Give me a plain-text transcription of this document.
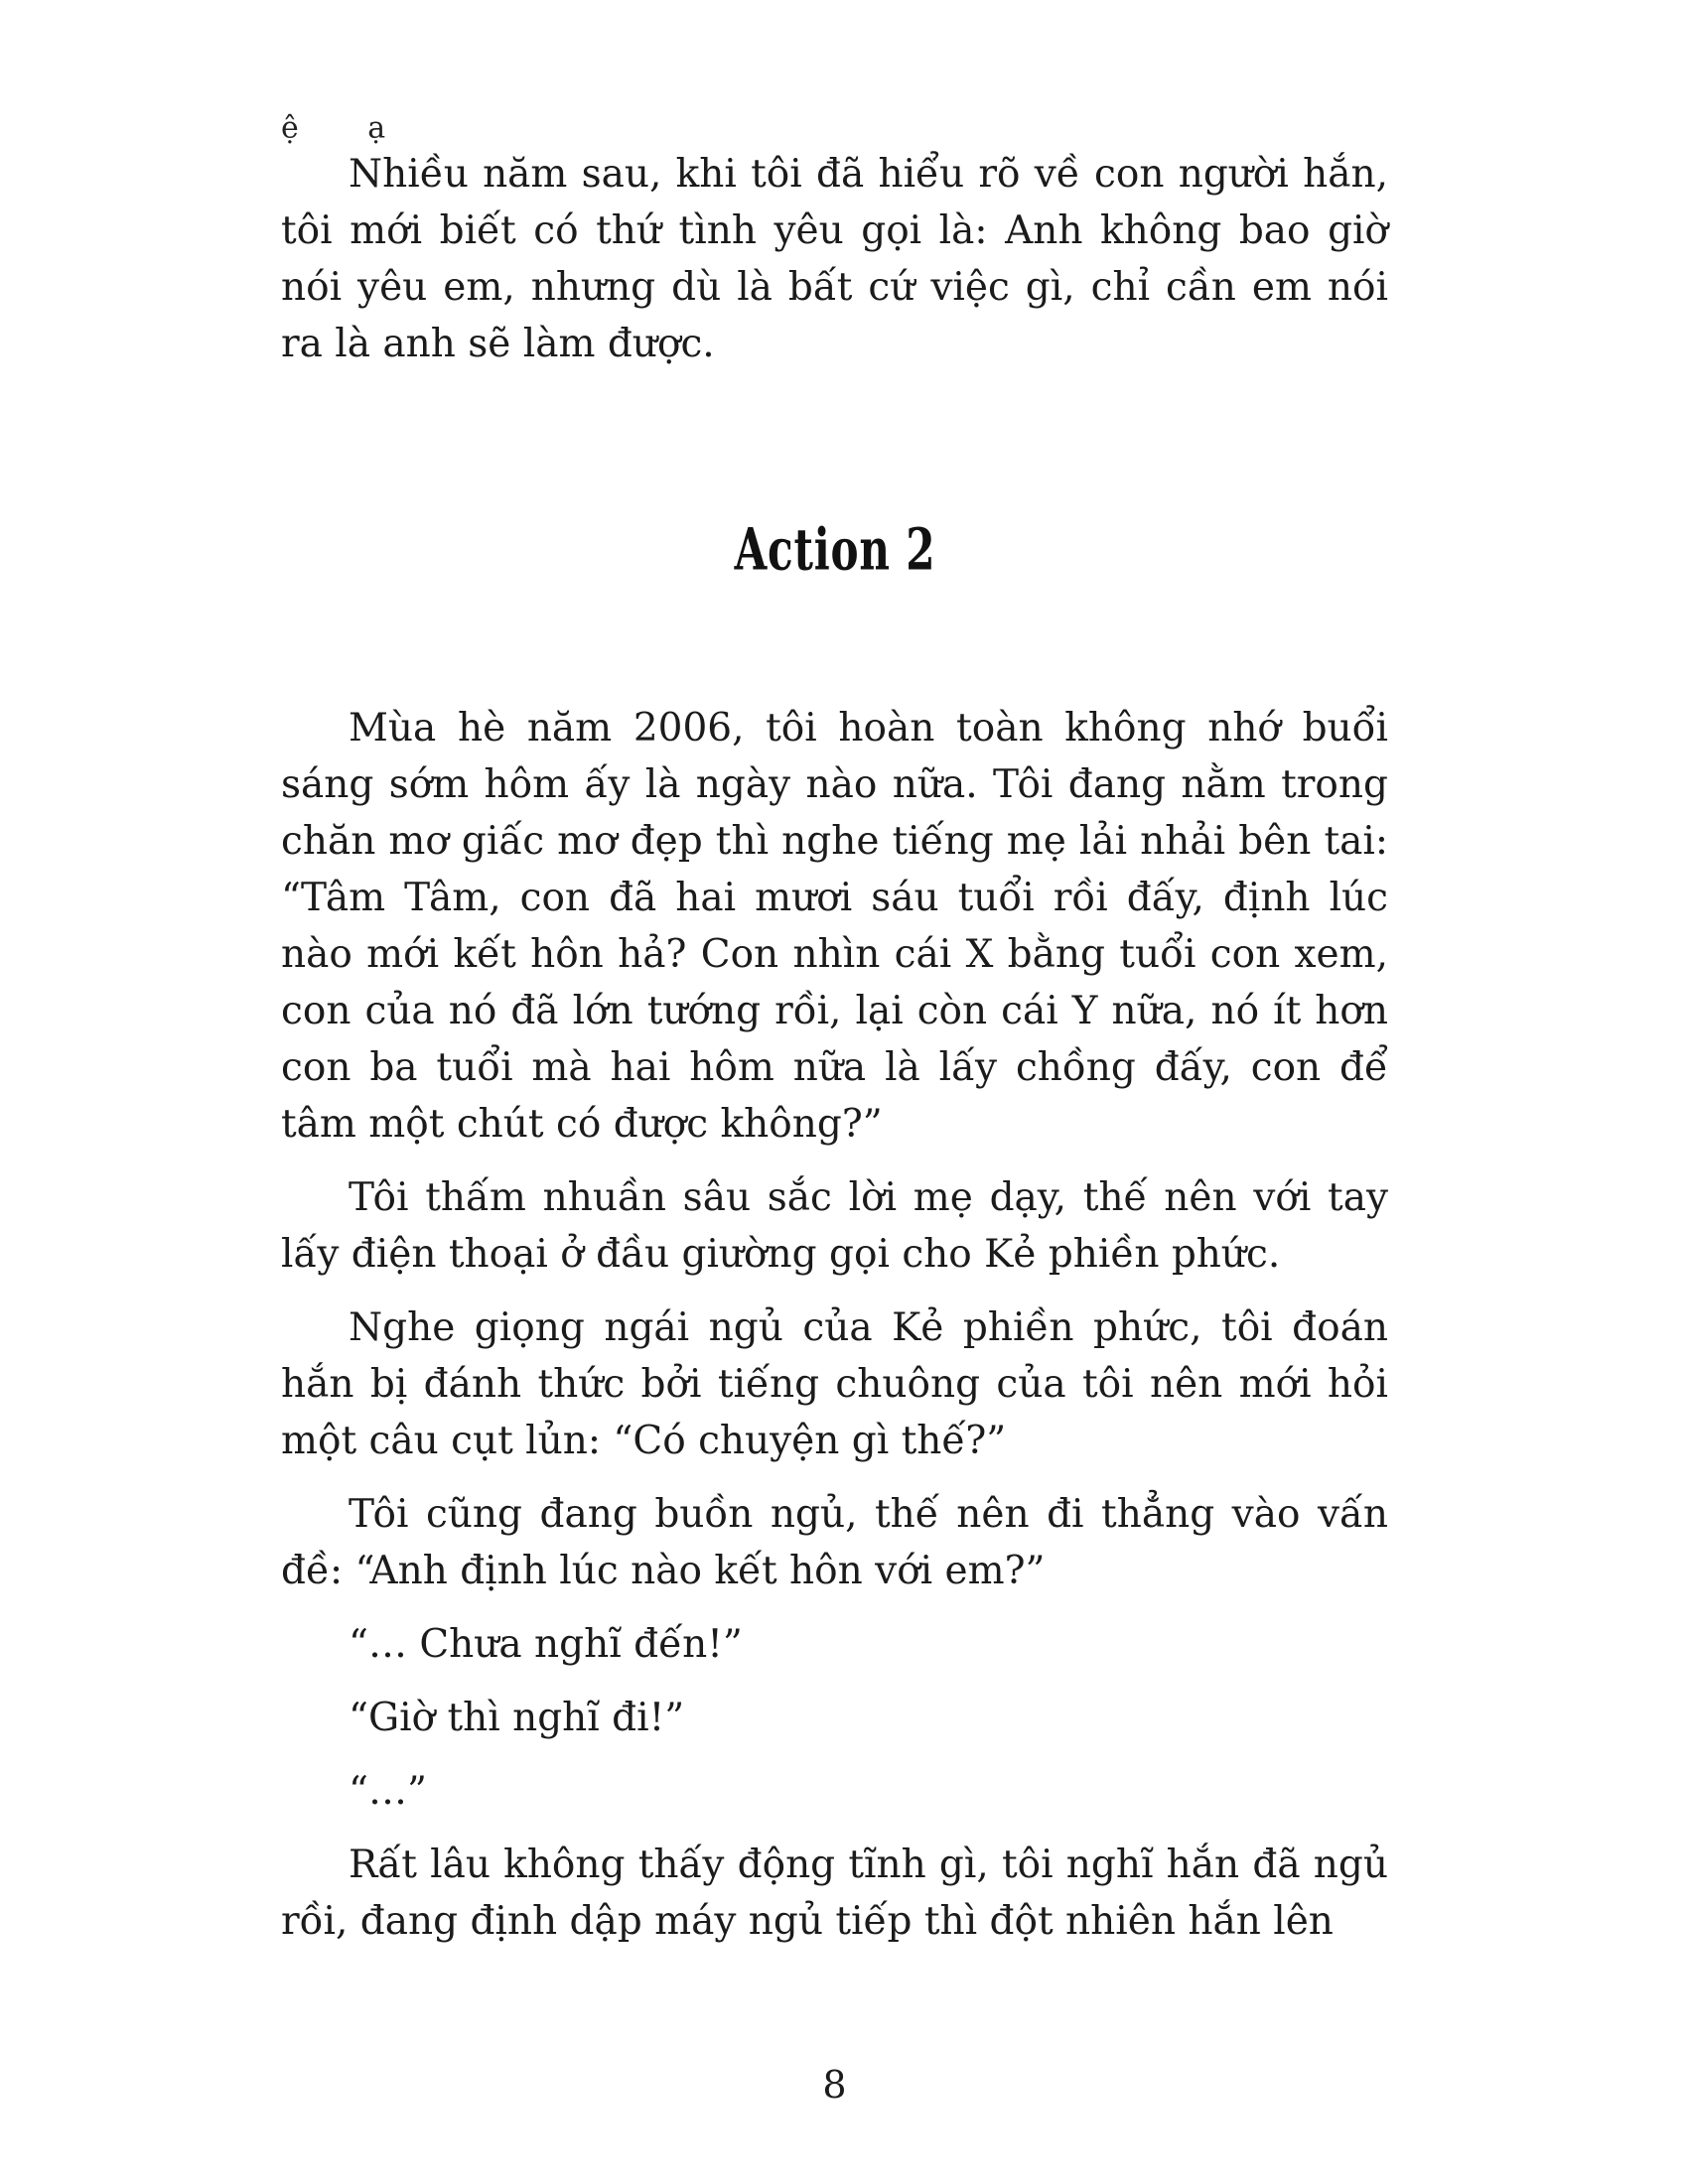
ệ ạ

Nhiều năm sau, khi tôi đã hiểu rõ về con người hắn, tôi mới biết có thứ tình yêu gọi là: Anh không bao giờ nói yêu em, nhưng dù là bất cứ việc gì, chỉ cần em nói ra là anh sẽ làm được.

Action 2

Mùa hè năm 2006, tôi hoàn toàn không nhớ buổi sáng sớm hôm ấy là ngày nào nữa. Tôi đang nằm trong chăn mơ giấc mơ đẹp thì nghe tiếng mẹ lải nhải bên tai: “Tâm Tâm, con đã hai mươi sáu tuổi rồi đấy, định lúc nào mới kết hôn hả? Con nhìn cái X bằng tuổi con xem, con của nó đã lớn tướng rồi, lại còn cái Y nữa, nó ít hơn con ba tuổi mà hai hôm nữa là lấy chồng đấy, con để tâm một chút có được không?”

Tôi thấm nhuần sâu sắc lời mẹ dạy, thế nên với tay lấy điện thoại ở đầu giường gọi cho Kẻ phiền phức.

Nghe giọng ngái ngủ của Kẻ phiền phức, tôi đoán hắn bị đánh thức bởi tiếng chuông của tôi nên mới hỏi một câu cụt lủn: “Có chuyện gì thế?”

Tôi cũng đang buồn ngủ, thế nên đi thẳng vào vấn đề: “Anh định lúc nào kết hôn với em?”

“… Chưa nghĩ đến!”

“Giờ thì nghĩ đi!”

“…”

Rất lâu không thấy động tĩnh gì, tôi nghĩ hắn đã ngủ rồi, đang định dập máy ngủ tiếp thì đột nhiên hắn lên

8
